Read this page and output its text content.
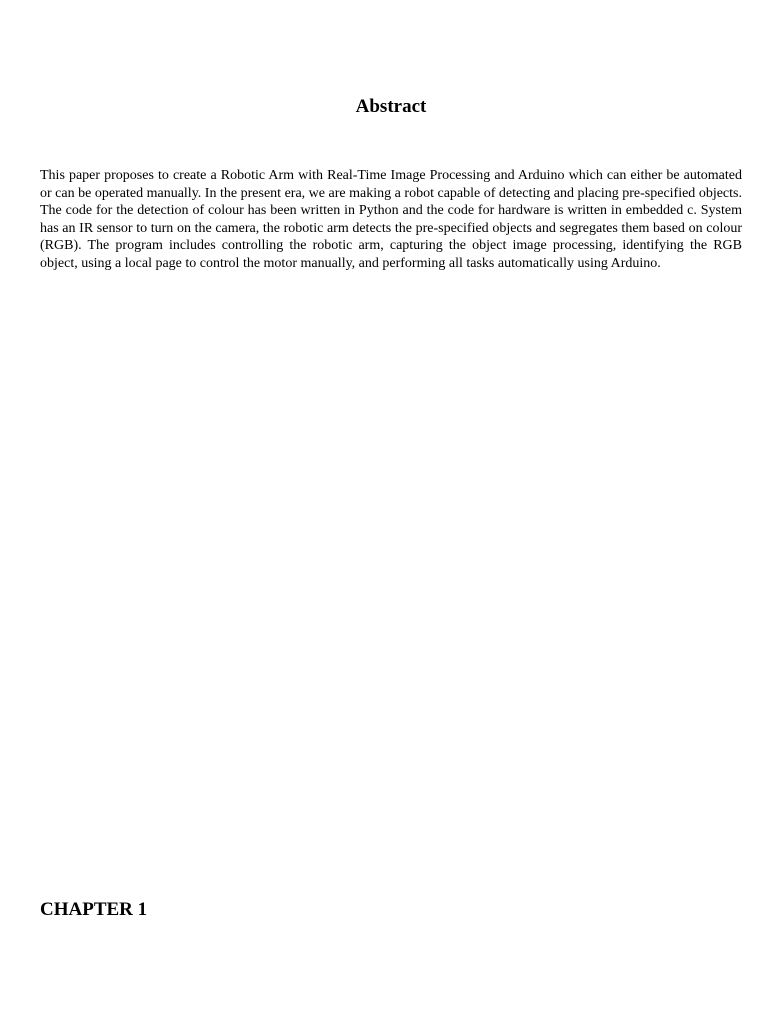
Abstract

This paper proposes to create a Robotic Arm with Real-Time Image Processing and Arduino which can either be automated or can be operated manually. In the present era, we are making a robot capable of detecting and placing pre-specified objects. The code for the detection of colour has been written in Python and the code for hardware is written in embedded c. System has an IR sensor to turn on the camera, the robotic arm detects the pre-specified objects and segregates them based on colour (RGB). The program includes controlling the robotic arm, capturing the object image processing, identifying the RGB object, using a local page to control the motor manually, and performing all tasks automatically using Arduino.

CHAPTER 1
